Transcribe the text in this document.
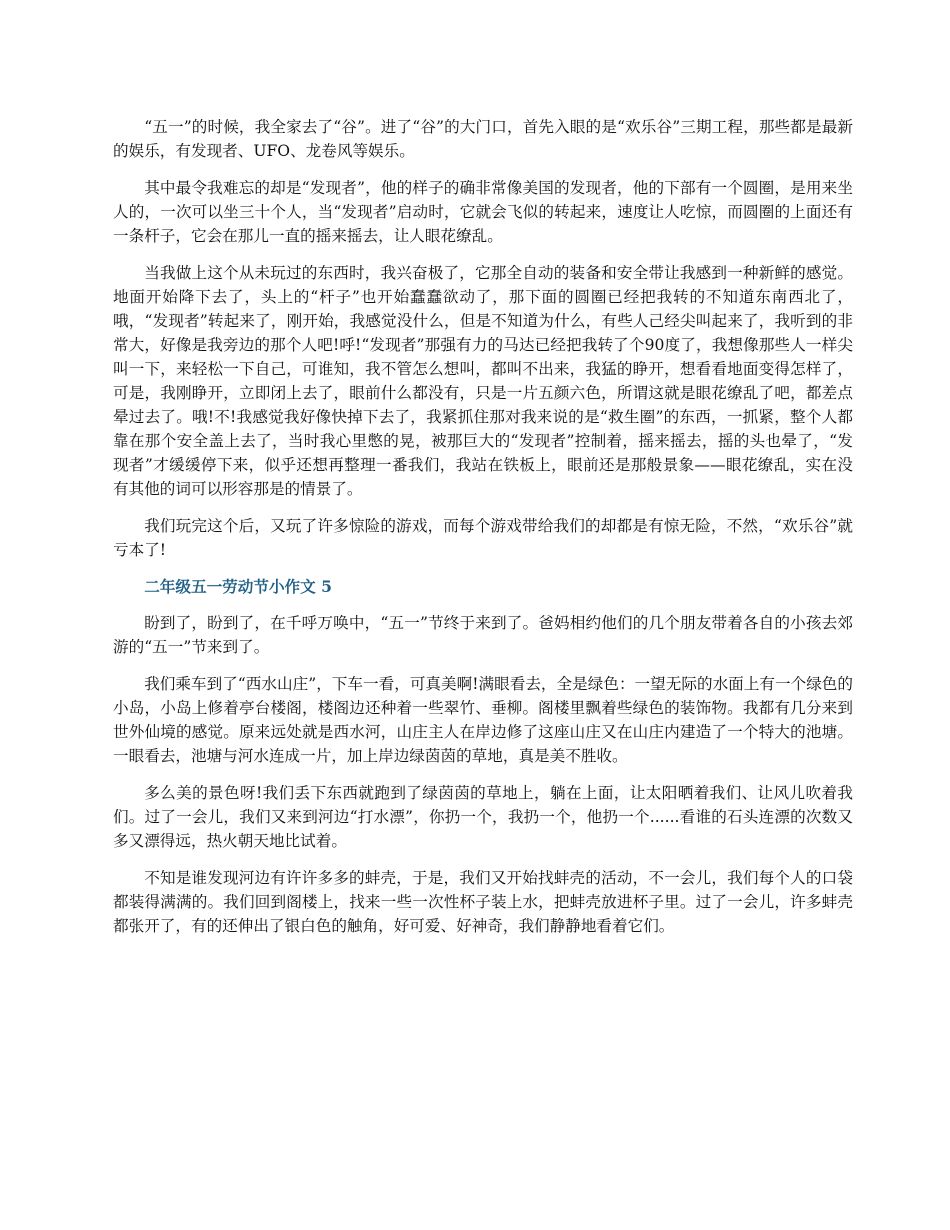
“五一”的时候，我全家去了“谷”。进了“谷”的大门口，首先入眼的是“欢乐谷”三期工程，那些都是最新的娱乐，有发现者、UFO、龙卷风等娱乐。

其中最令我难忘的却是“发现者”，他的样子的确非常像美国的发现者，他的下部有一个圆圈，是用来坐人的，一次可以坐三十个人，当“发现者”启动时，它就会飞似的转起来，速度让人吃惊，而圆圈的上面还有一条杆子，它会在那儿一直的摇来摇去，让人眼花缭乱。

当我做上这个从未玩过的东西时，我兴奋极了，它那全自动的装备和安全带让我感到一种新鲜的感觉。地面开始降下去了，头上的“杆子”也开始蠢蠢欲动了，那下面的圆圈已经把我转的不知道东南西北了，哦，“发现者”转起来了，刚开始，我感觉没什么，但是不知道为什么，有些人己经尖叫起来了，我听到的非常大，好像是我旁边的那个人吧!呼!“发现者”那强有力的马达已经把我转了个90度了，我想像那些人一样尖叫一下，来轻松一下自己，可谁知，我不管怎么想叫，都叫不出来，我猛的睁开，想看看地面变得怎样了，可是，我刚睁开，立即闭上去了，眼前什么都没有，只是一片五颜六色，所谓这就是眼花缭乱了吧，都差点晕过去了。哦!不!我感觉我好像快掉下去了，我紧抓住那对我来说的是“救生圈”的东西，一抓紧，整个人都靠在那个安全盖上去了，当时我心里憋的晃，被那巨大的“发现者”控制着，摇来摇去，摇的头也晕了，“发现者”才缓缓停下来，似乎还想再整理一番我们，我站在铁板上，眼前还是那般景象——眼花缭乱，实在没有其他的词可以形容那是的情景了。

我们玩完这个后，又玩了许多惊险的游戏，而每个游戏带给我们的却都是有惊无险，不然，“欢乐谷”就亏本了!

二年级五一劳动节小作文 5

盼到了，盼到了，在千呼万唤中，“五一”节终于来到了。爸妈相约他们的几个朋友带着各自的小孩去郊游的“五一”节来到了。

我们乘车到了“西水山庄”，下车一看，可真美啊!满眼看去，全是绿色：一望无际的水面上有一个绿色的小岛，小岛上修着亭台楼阁，楼阁边还种着一些翠竹、垂柳。阁楼里飘着些绿色的装饰物。我都有几分来到世外仙境的感觉。原来远处就是西水河，山庄主人在岸边修了这座山庄又在山庄内建造了一个特大的池塘。一眼看去，池塘与河水连成一片，加上岸边绿茵茵的草地，真是美不胜收。

多么美的景色呀!我们丢下东西就跑到了绿茵茵的草地上，躺在上面，让太阳晒着我们、让风儿吹着我们。过了一会儿，我们又来到河边“打水漂”，你扔一个，我扔一个，他扔一个......看谁的石头连漂的次数又多又漂得远，热火朝天地比试着。

不知是谁发现河边有许许多多的蚌壳，于是，我们又开始找蚌壳的活动，不一会儿，我们每个人的口袋都装得满满的。我们回到阁楼上，找来一些一次性杯子装上水，把蚌壳放进杯子里。过了一会儿，许多蚌壳都张开了，有的还伸出了银白色的触角，好可爱、好神奇，我们静静地看着它们。
